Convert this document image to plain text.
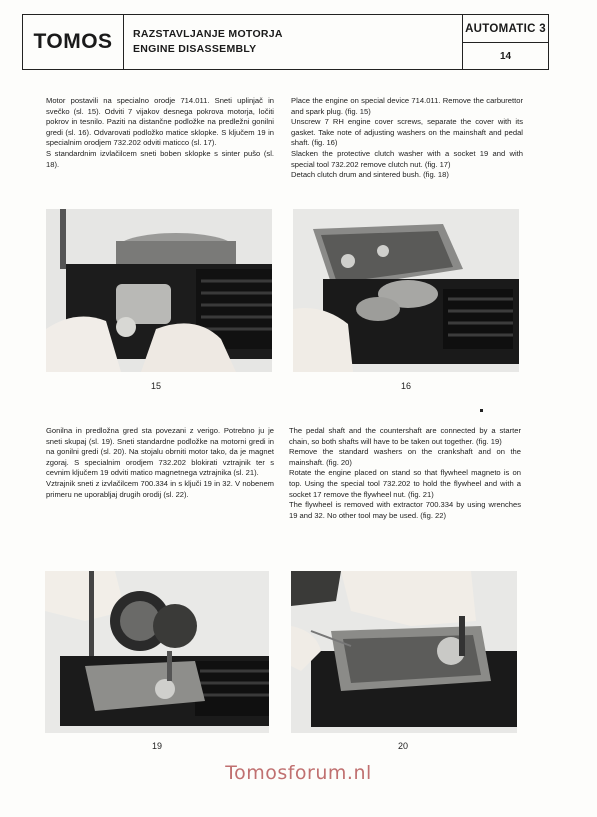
TOMOS	RAZSTAVLJANJE MOTORJA
ENGINE DISASSEMBLY
AUTOMATIC 3
14

Motor postavili na specialno orodje 714.011. Sneti uplinjač in svečko (sl. 15). Odviti 7 vijakov desnega pokrova motorja, ločiti pokrov in tesnilo. Paziti na distančne podložke na predležni gonilni gredi (sl. 16). Odvarovati podložko matice sklopke. S ključem 19 in specialnim orodjem 732.202 odviti maticco (sl. 17).

S standardnim izvlačilcem sneti boben sklopke s sinter pušo (sl. 18).

Place the engine on special device 714.011. Remove the carburettor and spark plug. (fig. 15)

Unscrew 7 RH engine cover screws, separate the cover with its gasket. Take note of adjusting washers on the mainshaft and pedal shaft. (fig. 16)

Slacken the protective clutch washer with a socket 19 and with special tool 732.202 remove clutch nut. (fig. 17)

Detach clutch drum and sintered bush. (fig. 18)

15	16

Gonilna in predložna gred sta povezani z verigo. Potrebno ju je sneti skupaj (sl. 19). Sneti standardne podložke na motorni gredi in na gonilni gredi (sl. 20). Na stojalu obrniti motor tako, da je magnet zgoraj. S specialnim orodjem 732.202 blokirati vztrajnik ter s cevnim ključem 19 odviti matico magnetnega vztrajnika (sl. 21).

Vztrajnik sneti z izvlačilcem 700.334 in s ključi 19 in 32. V nobenem primeru ne uporabljaj drugih orodij (sl. 22).

The pedal shaft and the countershaft are connected by a starter chain, so both shafts will have to be taken out together. (fig. 19)

Remove the standard washers on the crankshaft and on the mainshaft. (fig. 20)

Rotate the engine placed on stand so that flywheel magneto is on top. Using the special tool 732.202 to hold the flywheel and with a socket 17 remove the flywheel nut. (fig. 21)

The flywheel is removed with extractor 700.334 by using wrenches 19 and 32. No other tool may be used. (fig. 22)

19	20
Tomosforum.nl
